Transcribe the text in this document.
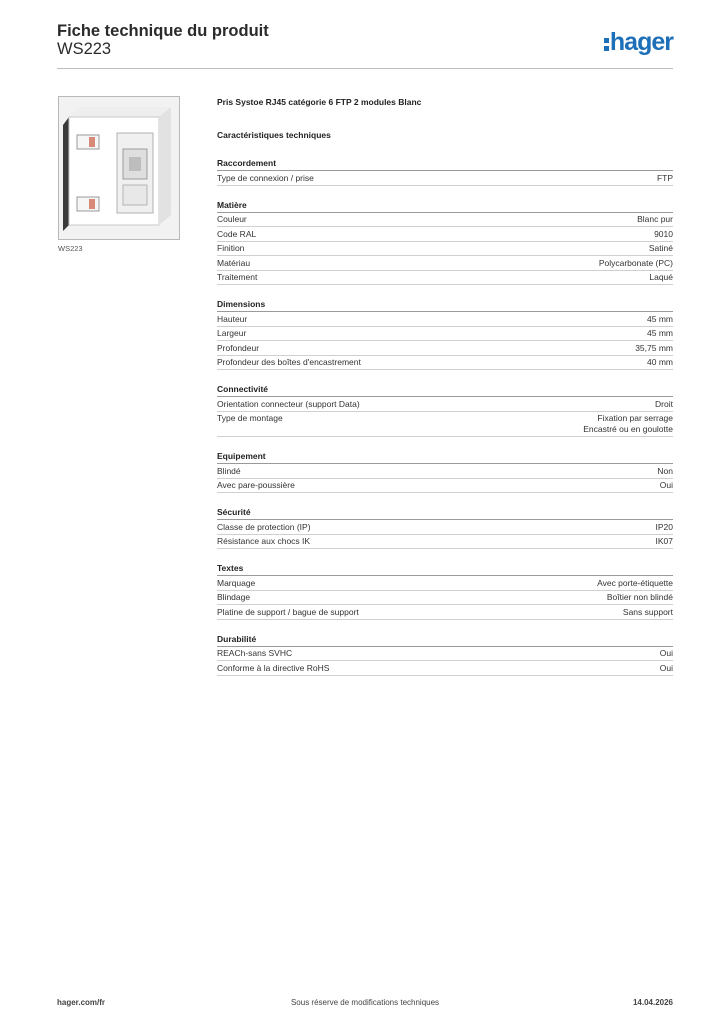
Fiche technique du produit
WS223	hager
WS223
Pris Systoe RJ45 catégorie 6 FTP 2 modules Blanc
Caractéristiques techniques
Raccordement
Type de connexion / prise	FTP
Matière
Couleur	Blanc pur
Code RAL	9010
Finition	Satiné
Matériau	Polycarbonate (PC)
Traitement	Laqué
Dimensions
Hauteur	45 mm
Largeur	45 mm
Profondeur	35,75 mm
Profondeur des boîtes d'encastrement	40 mm
Connectivité
Orientation connecteur (support Data)	Droit
Type de montage	Fixation par serrage
Encastré ou en goulotte
Equipement
Blindé	Non
Avec pare-poussière	Oui
Sécurité
Classe de protection (IP)	IP20
Résistance aux chocs IK	IK07
Textes
Marquage	Avec porte-étiquette
Blindage	Boîtier non blindé
Platine de support / bague de support	Sans support
Durabilité
REACh-sans SVHC	Oui
Conforme à la directive RoHS	Oui
hager.com/fr	Sous réserve de modifications techniques	14.04.2026
